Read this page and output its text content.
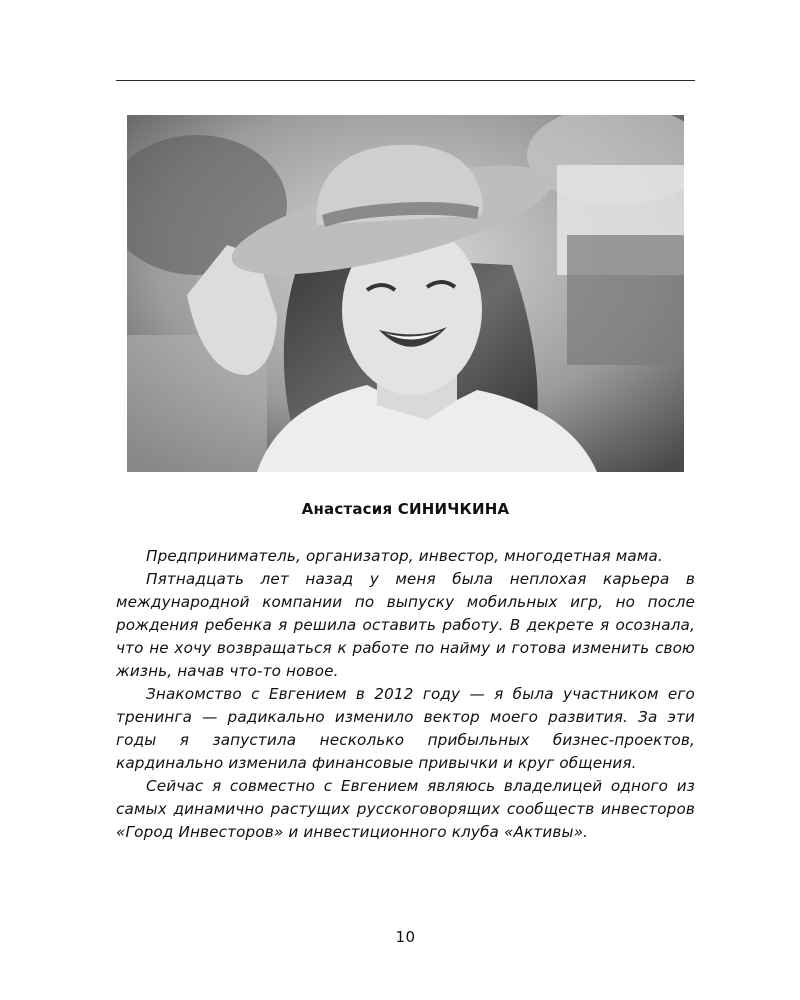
Анастасия СИНИЧКИНА

Предприниматель, организатор, инвестор, многодетная мама.

Пятнадцать лет назад у меня была неплохая карьера в международной компании по выпуску мобильных игр, но после рождения ребенка я решила оставить работу. В декрете я осознала, что не хочу возвращаться к работе по найму и готова изменить свою жизнь, начав что-то новое.

Знакомство с Евгением в 2012 году — я была участником его тренинга — радикально изменило вектор моего развития. За эти годы я запустила несколько прибыльных бизнес-проектов, кардинально изменила финансовые привычки и круг общения.

Сейчас я совместно с Евгением являюсь владелицей одного из самых динамично растущих русскоговорящих сообществ инвесторов «Город Инвесторов» и инвестиционного клуба «Активы».

10
